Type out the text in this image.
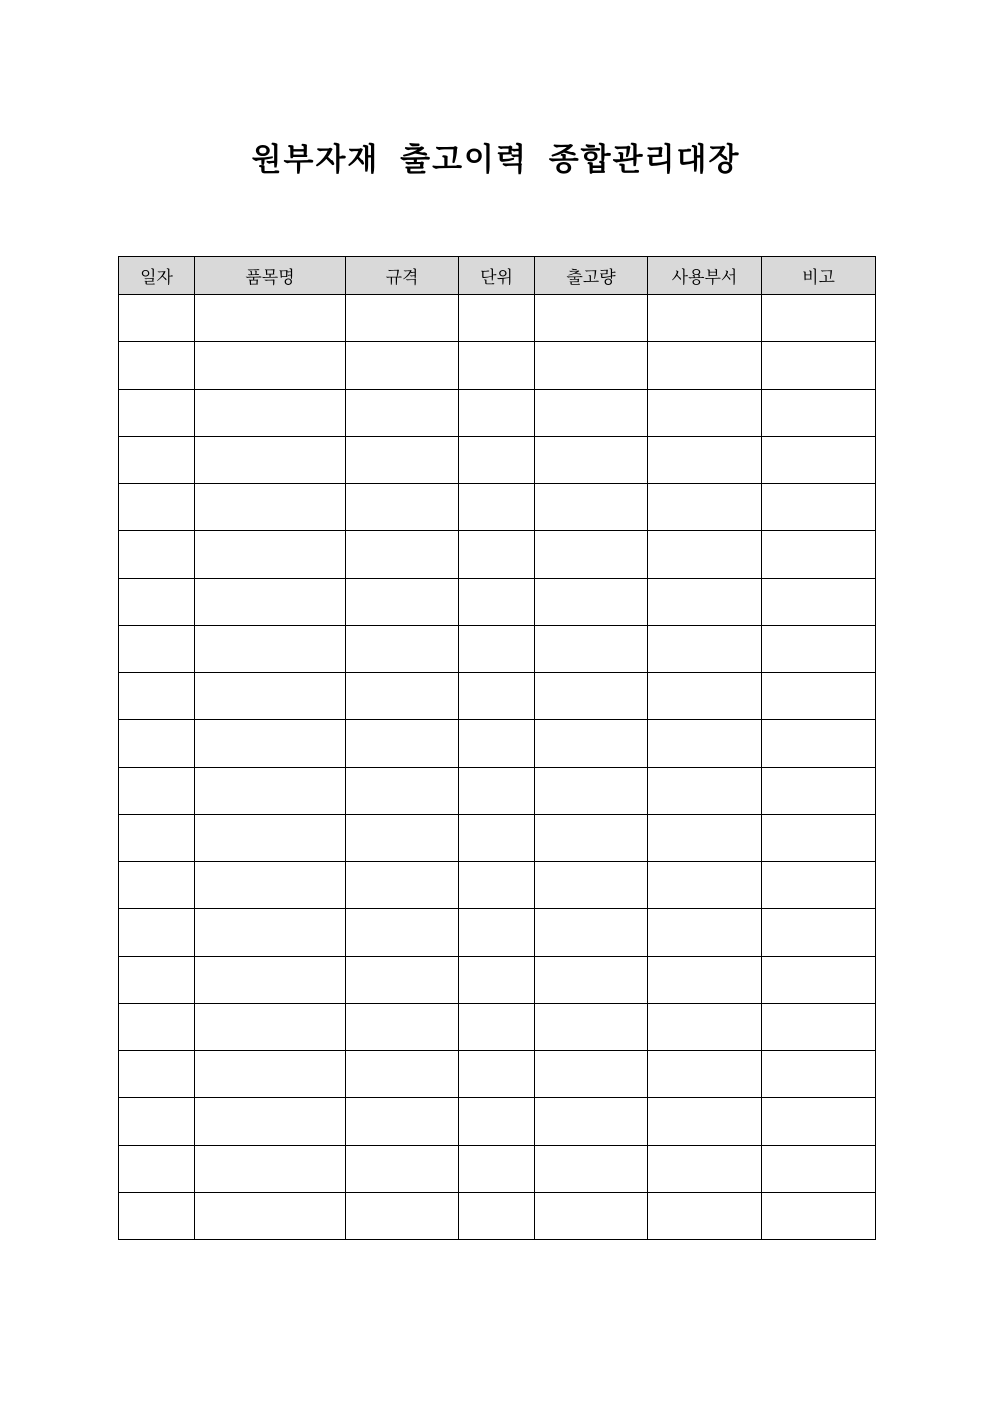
원부자재 출고이력 종합관리대장
일자	품목명	규격	단위	출고량	사용부서	비고
